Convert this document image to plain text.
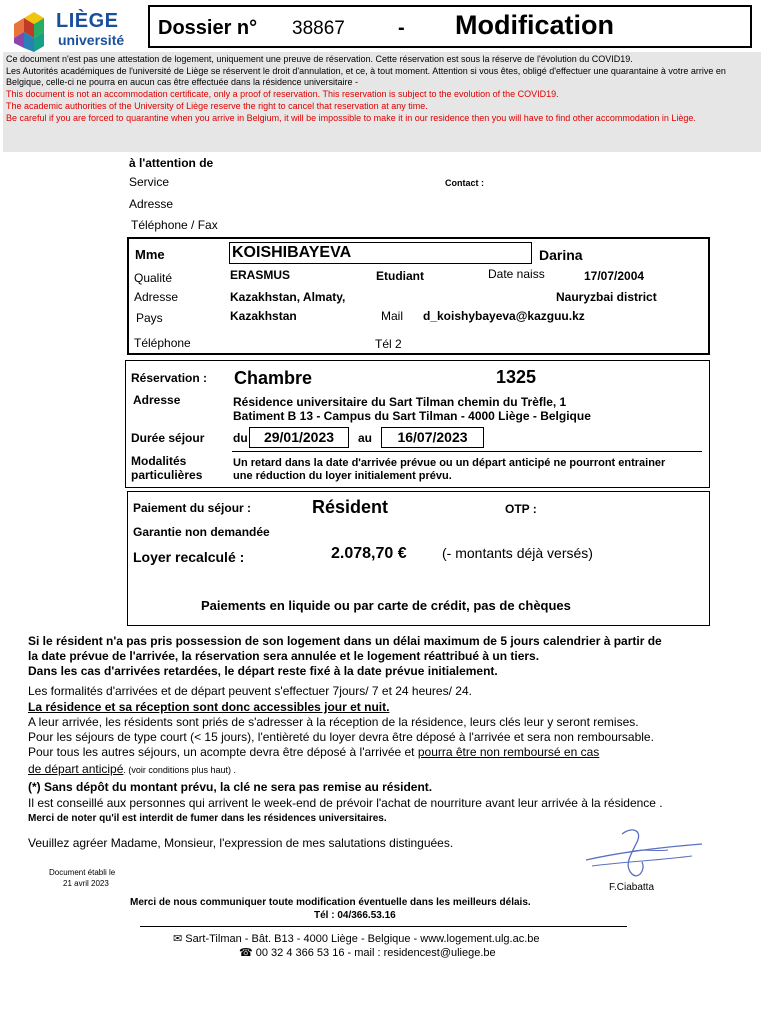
LIÈGE
université
Dossier n° 38867	- Modification
Ce document n'est pas une attestation de logement, uniquement une preuve de réservation. Cette réservation est sous la réserve de l'évolution du COVID19.
Les Autorités académiques de l'université de Liège se réservent le droit d'annulation, et ce, à tout moment. Attention si vous êtes, obligé d'effectuer une quarantaine à votre arrive en Belgique, celle-ci ne pourra en aucun cas être effectuée dans la résidence universitaire -
This document is not an accommodation certificate, only a proof of reservation. This reservation is subject to the evolution of the COVID19.
The academic authorities of the University of Liège reserve the right to cancel that reservation at any time.
Be careful if you are forced to quarantine when you arrive in Belgium, it will be impossible to make it in our residence then you will have to find other accommodation in Liège.
à l'attention de
Service	Contact :
Adresse
Téléphone / Fax
Mme	KOISHIBAYEVA	Darina
Qualité	ERASMUS	Etudiant	Date naiss	17/07/2004
Adresse	Kazakhstan, Almaty,	Nauryzbai district
Pays	Kazakhstan	Mail d_koishybayeva@kazguu.kz
Téléphone	Tél 2
Réservation : Chambre	1325
Adresse	Résidence universitaire du Sart Tilman chemin du Trèfle, 1
Batiment B 13 - Campus du Sart Tilman - 4000 Liège - Belgique
Durée séjour du	29/01/2023	au	16/07/2023
Modalités
particulières
Un retard dans la date d'arrivée prévue ou un départ anticipé ne pourront entrainer
une réduction du loyer initialement prévu.
Paiement du séjour :	Résident	OTP :
Garantie non demandée
Loyer recalculé :	2.078,70 €	(- montants déjà versés)
Paiements en liquide ou par carte de crédit, pas de chèques
Si le résident n'a pas pris possession de son logement dans un délai maximum de 5 jours calendrier à partir de
la date prévue de l'arrivée, la réservation sera annulée et le logement réattribué à un tiers.
Dans les cas d'arrivées retardées, le départ reste fixé à la date prévue initialement.
Les formalités d'arrivées et de départ peuvent s'effectuer 7jours/ 7 et 24 heures/ 24.
La résidence et sa réception sont donc accessibles jour et nuit.
A leur arrivée, les résidents sont priés de s'adresser à la réception de la résidence, leurs clés leur y seront remises.
Pour les séjours de type court (< 15 jours), l'entièreté du loyer devra être déposé à l'arrivée et sera non remboursable.
Pour tous les autres séjours, un acompte devra être déposé à l'arrivée et pourra être non remboursé en cas
de départ anticipé. (voir conditions plus haut) .
(*) Sans dépôt du montant prévu, la clé ne sera pas remise au résident.
Il est conseillé aux personnes qui arrivent le week-end de prévoir l'achat de nourriture avant leur arrivée à la résidence .
Merci de noter qu'il est interdit de fumer dans les résidences universitaires.
Veuillez agréer Madame, Monsieur, l'expression de mes salutations distinguées.
Document établi le
21 avril 2023	F.Ciabatta
Merci de nous communiquer toute modification éventuelle dans les meilleurs délais.
Tél : 04/366.53.16
✉ Sart-Tilman - Bât. B13 - 4000 Liège - Belgique - www.logement.ulg.ac.be
☎ 00 32 4 366 53 16 - mail : residencest@uliege.be
